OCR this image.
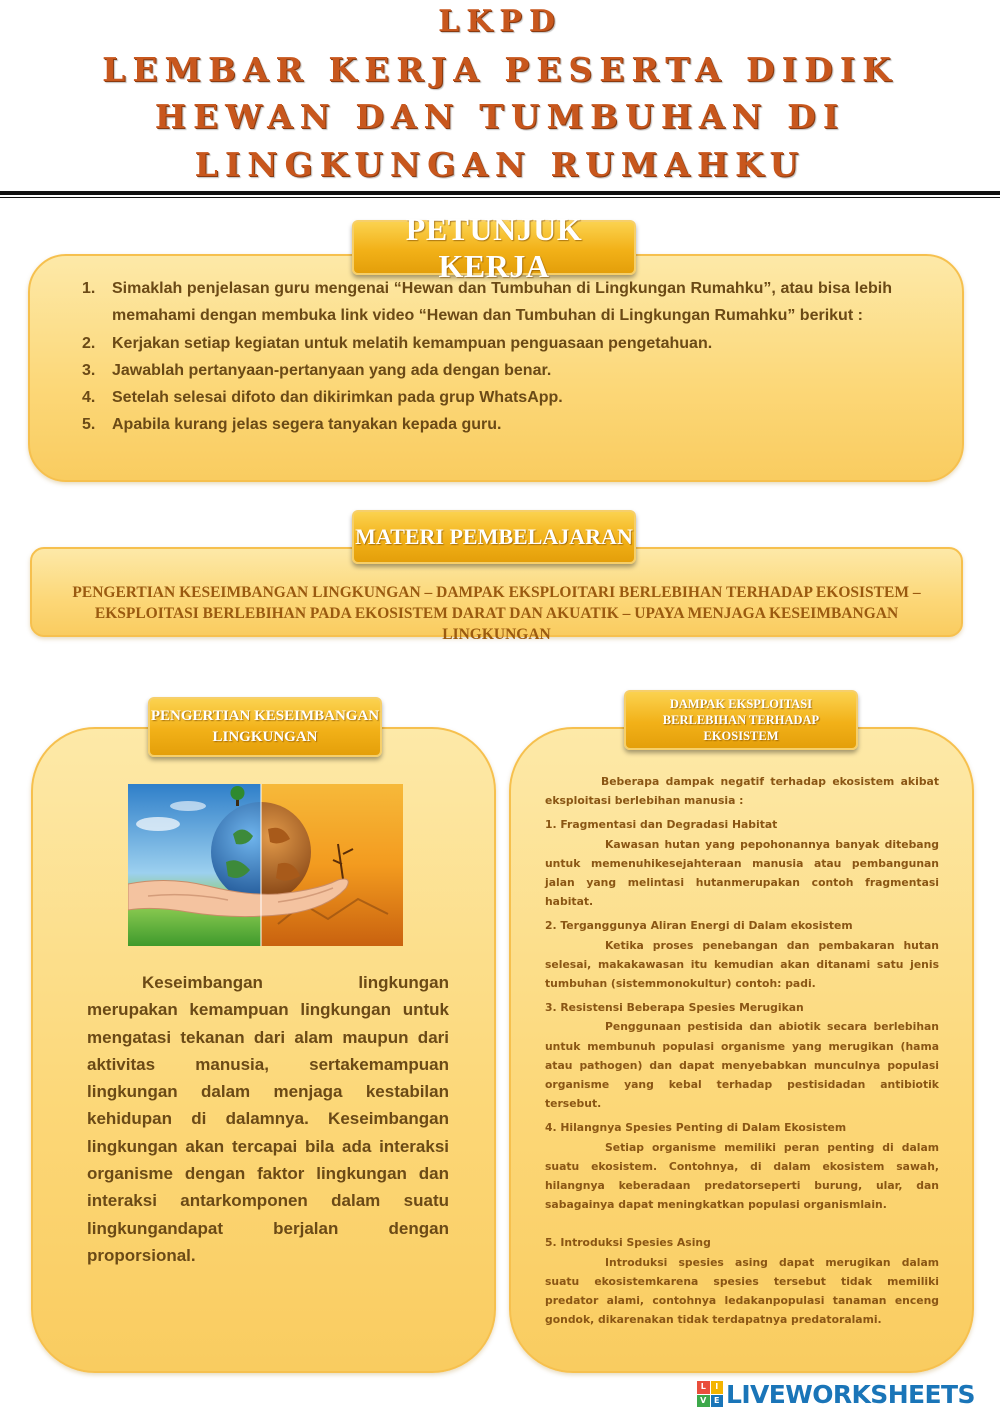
LKPD
LEMBAR KERJA PESERTA DIDIK
HEWAN DAN TUMBUHAN DI
LINGKUNGAN RUMAHKU
PETUNJUK KERJA
1. Simaklah penjelasan guru mengenai “Hewan dan Tumbuhan di Lingkungan Rumahku”, atau bisa lebih memahami dengan membuka link video “Hewan dan Tumbuhan di Lingkungan Rumahku” berikut :
2. Kerjakan setiap kegiatan untuk melatih kemampuan penguasaan pengetahuan.
3. Jawablah pertanyaan-pertanyaan yang ada dengan benar.
4. Setelah selesai difoto dan dikirimkan pada grup WhatsApp.
5. Apabila kurang jelas segera tanyakan kepada guru.
MATERI PEMBELAJARAN
PENGERTIAN KESEIMBANGAN LINGKUNGAN – DAMPAK EKSPLOITARI BERLEBIHAN TERHADAP EKOSISTEM – EKSPLOITASI BERLEBIHAN PADA EKOSISTEM DARAT DAN AKUATIK – UPAYA MENJAGA KESEIMBANGAN LINGKUNGAN
PENGERTIAN KESEIMBANGAN LINGKUNGAN
Keseimbangan lingkungan merupakan kemampuan lingkungan untuk mengatasi tekanan dari alam maupun dari aktivitas manusia, sertakemampuan lingkungan dalam menjaga kestabilan kehidupan di dalamnya. Keseimbangan lingkungan akan tercapai bila ada interaksi organisme dengan faktor lingkungan dan interaksi antarkomponen dalam suatu lingkungandapat berjalan dengan proporsional.
DAMPAK EKSPLOITASI BERLEBIHAN TERHADAP EKOSISTEM
Beberapa dampak negatif terhadap ekosistem akibat eksploitasi berlebihan manusia :
1. Fragmentasi dan Degradasi Habitat
Kawasan hutan yang pepohonannya banyak ditebang untuk memenuhikesejahteraan manusia atau pembangunan jalan yang melintasi hutanmerupakan contoh fragmentasi habitat.
2. Terganggunya Aliran Energi di Dalam ekosistem
Ketika proses penebangan dan pembakaran hutan selesai, makakawasan itu kemudian akan ditanami satu jenis tumbuhan (sistemmonokultur) contoh: padi.
3. Resistensi Beberapa Spesies Merugikan
Penggunaan pestisida dan abiotik secara berlebihan untuk membunuh populasi organisme yang merugikan (hama atau pathogen) dan dapat menyebabkan munculnya populasi organisme yang kebal terhadap pestisidadan antibiotik tersebut.
4. Hilangnya Spesies Penting di Dalam Ekosistem
Setiap organisme memiliki peran penting di dalam suatu ekosistem. Contohnya, di dalam ekosistem sawah, hilangnya keberadaan predatorseperti burung, ular, dan sabagainya dapat meningkatkan populasi organismlain.
5. Introduksi Spesies Asing
Introduksi spesies asing dapat merugikan dalam suatu ekosistemkarena spesies tersebut tidak memiliki predator alami, contohnya ledakanpopulasi tanaman enceng gondok, dikarenakan tidak terdapatnya predatoralami.
L	I
V E LIVEWORKSHEETS
